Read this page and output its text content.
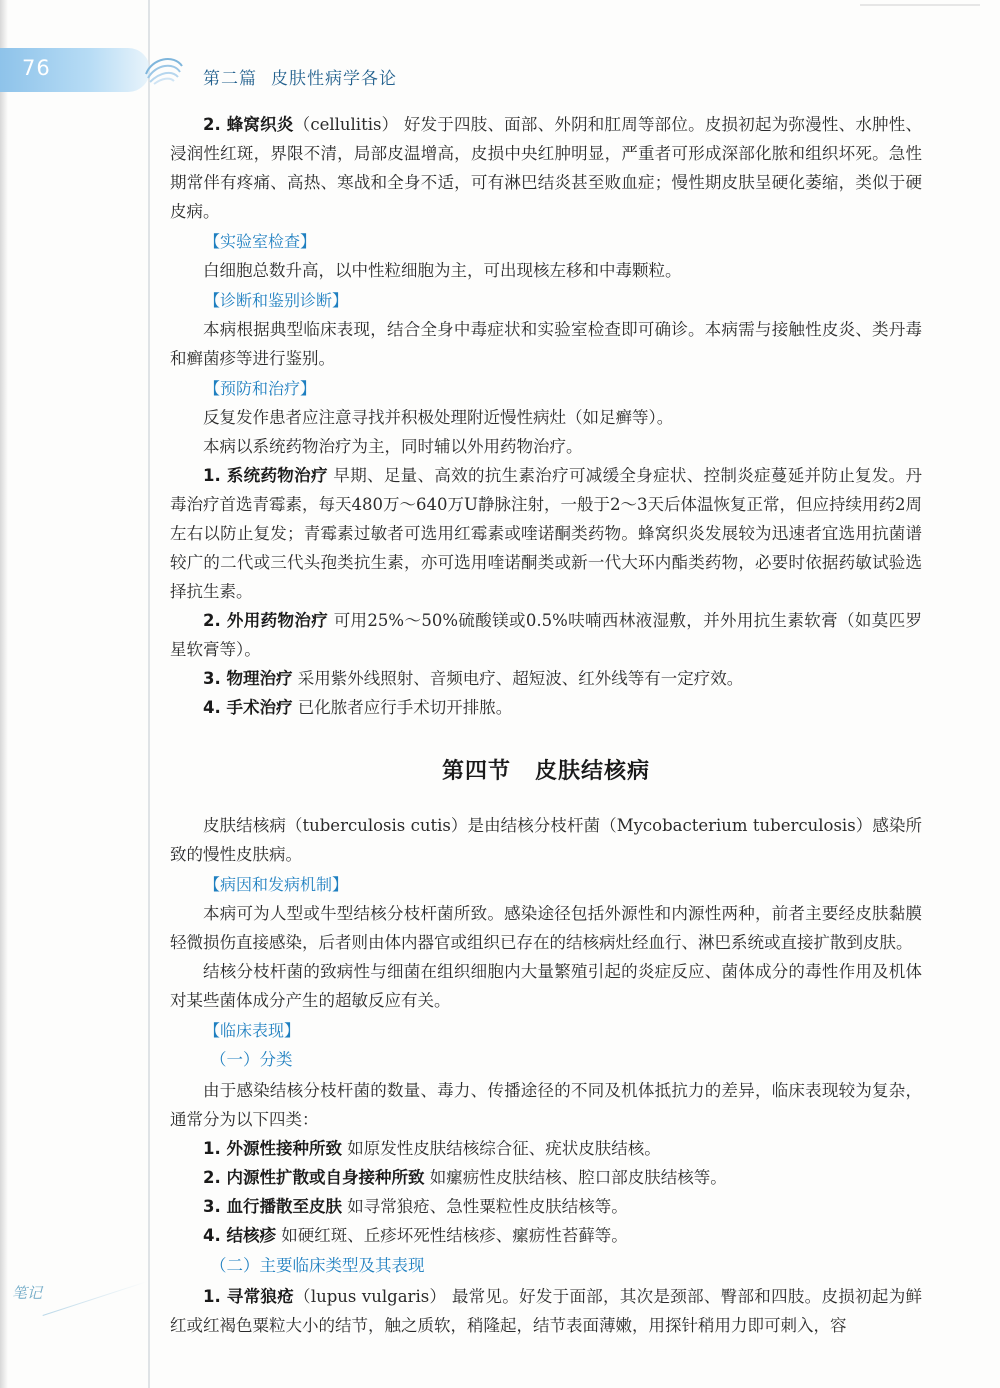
76	第二篇 皮肤性病学各论

2. 蜂窝织炎（cellulitis） 好发于四肢、面部、外阴和肛周等部位。皮损初起为弥漫性、水肿性、浸润性红斑，界限不清，局部皮温增高，皮损中央红肿明显，严重者可形成深部化脓和组织坏死。急性期常伴有疼痛、高热、寒战和全身不适，可有淋巴结炎甚至败血症；慢性期皮肤呈硬化萎缩，类似于硬皮病。

【实验室检查】

白细胞总数升高，以中性粒细胞为主，可出现核左移和中毒颗粒。

【诊断和鉴别诊断】

本病根据典型临床表现，结合全身中毒症状和实验室检查即可确诊。本病需与接触性皮炎、类丹毒和癣菌疹等进行鉴别。

【预防和治疗】

反复发作患者应注意寻找并积极处理附近慢性病灶（如足癣等）。

本病以系统药物治疗为主，同时辅以外用药物治疗。

1. 系统药物治疗 早期、足量、高效的抗生素治疗可减缓全身症状、控制炎症蔓延并防止复发。丹毒治疗首选青霉素，每天480万～640万U静脉注射，一般于2～3天后体温恢复正常，但应持续用药2周左右以防止复发；青霉素过敏者可选用红霉素或喹诺酮类药物。蜂窝织炎发展较为迅速者宜选用抗菌谱较广的二代或三代头孢类抗生素，亦可选用喹诺酮类或新一代大环内酯类药物，必要时依据药敏试验选择抗生素。

2. 外用药物治疗 可用25%～50%硫酸镁或0.5%呋喃西林液湿敷，并外用抗生素软膏（如莫匹罗星软膏等）。

3. 物理治疗 采用紫外线照射、音频电疗、超短波、红外线等有一定疗效。

4. 手术治疗 已化脓者应行手术切开排脓。

第四节 皮肤结核病

皮肤结核病（tuberculosis cutis）是由结核分枝杆菌（Mycobacterium tuberculosis）感染所致的慢性皮肤病。

【病因和发病机制】

本病可为人型或牛型结核分枝杆菌所致。感染途径包括外源性和内源性两种，前者主要经皮肤黏膜轻微损伤直接感染，后者则由体内器官或组织已存在的结核病灶经血行、淋巴系统或直接扩散到皮肤。

结核分枝杆菌的致病性与细菌在组织细胞内大量繁殖引起的炎症反应、菌体成分的毒性作用及机体对某些菌体成分产生的超敏反应有关。

【临床表现】
（一）分类

由于感染结核分枝杆菌的数量、毒力、传播途径的不同及机体抵抗力的差异，临床表现较为复杂，通常分为以下四类：

1. 外源性接种所致 如原发性皮肤结核综合征、疣状皮肤结核。

2. 内源性扩散或自身接种所致 如瘰疬性皮肤结核、腔口部皮肤结核等。

3. 血行播散至皮肤 如寻常狼疮、急性粟粒性皮肤结核等。

4. 结核疹 如硬红斑、丘疹坏死性结核疹、瘰疬性苔藓等。

（二）主要临床类型及其表现

1. 寻常狼疮（lupus vulgaris） 最常见。好发于面部，其次是颈部、臀部和四肢。皮损初起为鲜红或红褐色粟粒大小的结节，触之质软，稍隆起，结节表面薄嫩，用探针稍用力即可刺入，容

笔记
